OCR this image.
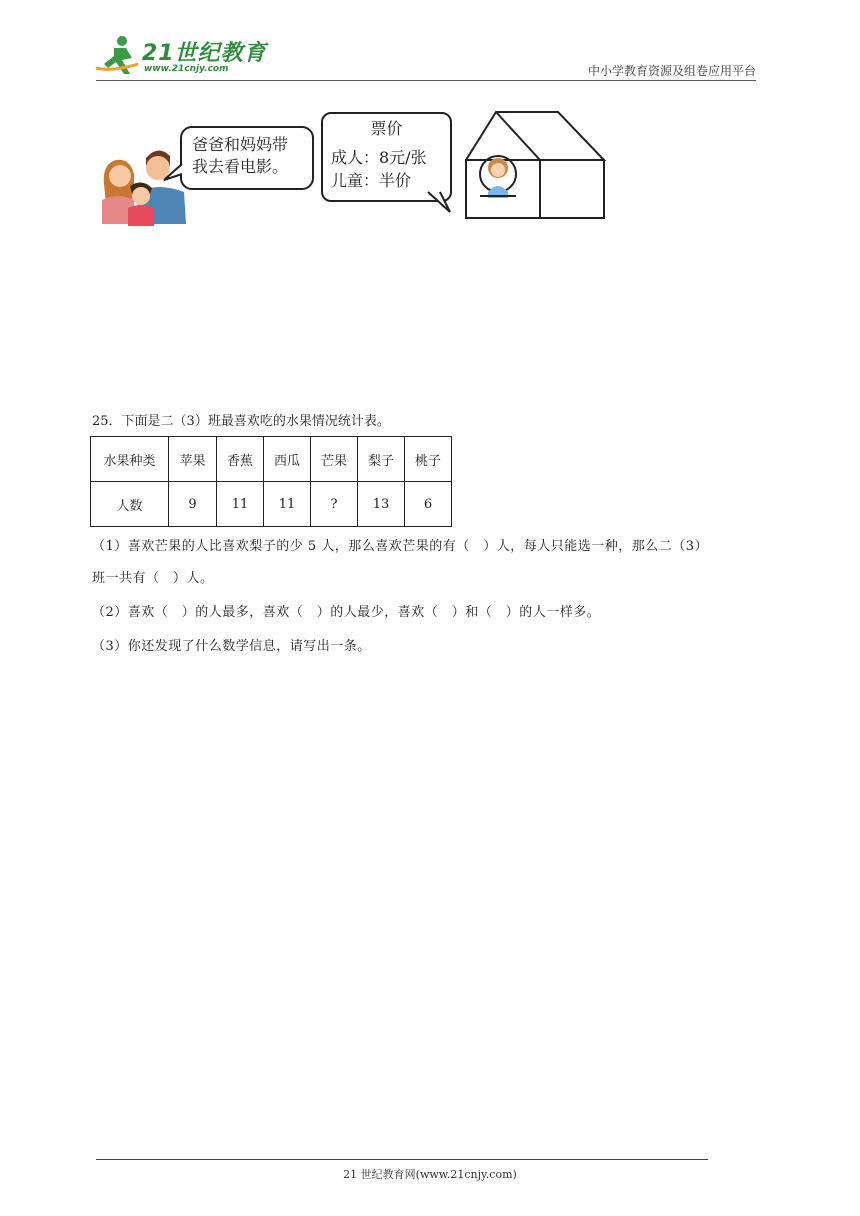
21世纪教育
www.21cnjy.com	中小学教育资源及组卷应用平台
爸爸和妈妈带
我去看电影。
票价
成人：8元/张
儿童：半价
25．下面是二（3）班最喜欢吃的水果情况统计表。
水果种类	苹果	香蕉	西瓜	芒果	梨子	桃子
人数	9	11	11	?	13	6
（1）喜欢芒果的人比喜欢梨子的少 5 人，那么喜欢芒果的有（　）人，每人只能选一种，那么二（3）
班一共有（　）人。
（2）喜欢（　）的人最多，喜欢（　）的人最少，喜欢（　）和（　）的人一样多。
（3）你还发现了什么数学信息，请写出一条。
21 世纪教育网(www.21cnjy.com)
